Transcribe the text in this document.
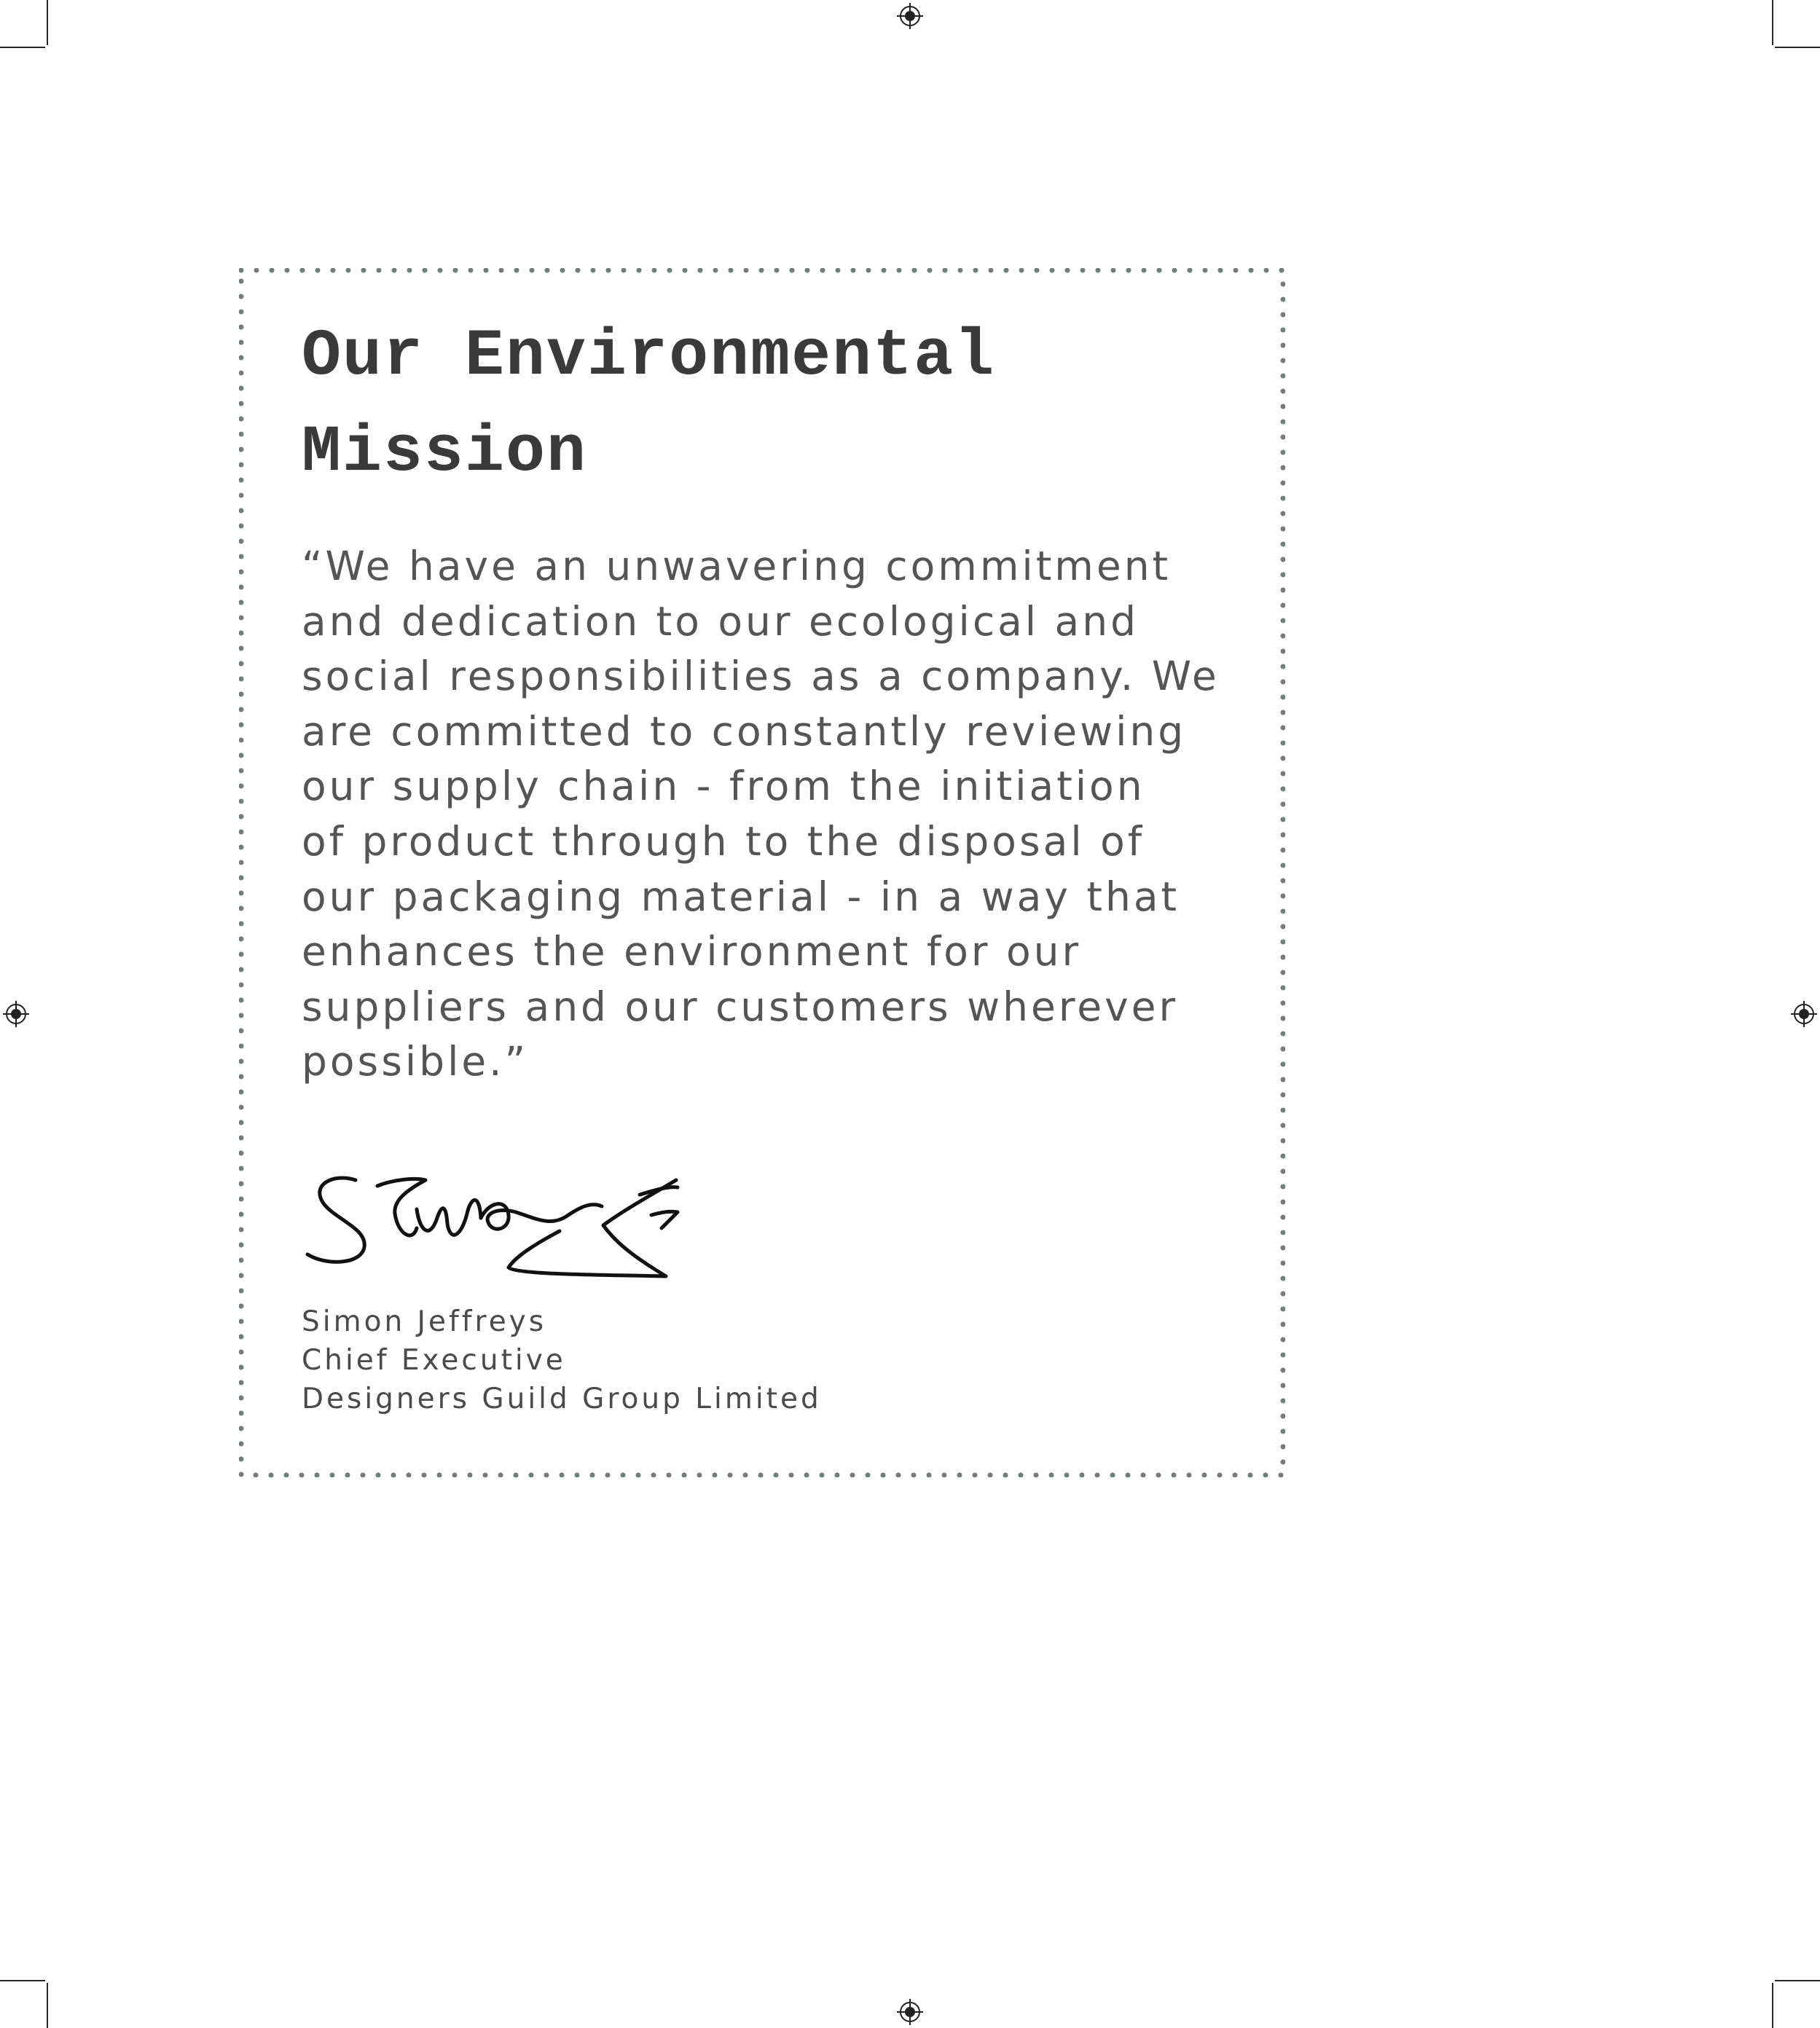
Our Environmental
Mission

“We have an unwavering commitment
and dedication to our ecological and
social responsibilities as a company. We
are committed to constantly reviewing
our supply chain - from the initiation
of product through to the disposal of
our packaging material - in a way that
enhances the environment for our
suppliers and our customers wherever
possible.”

Simon Jeffreys
Chief Executive
Designers Guild Group Limited
